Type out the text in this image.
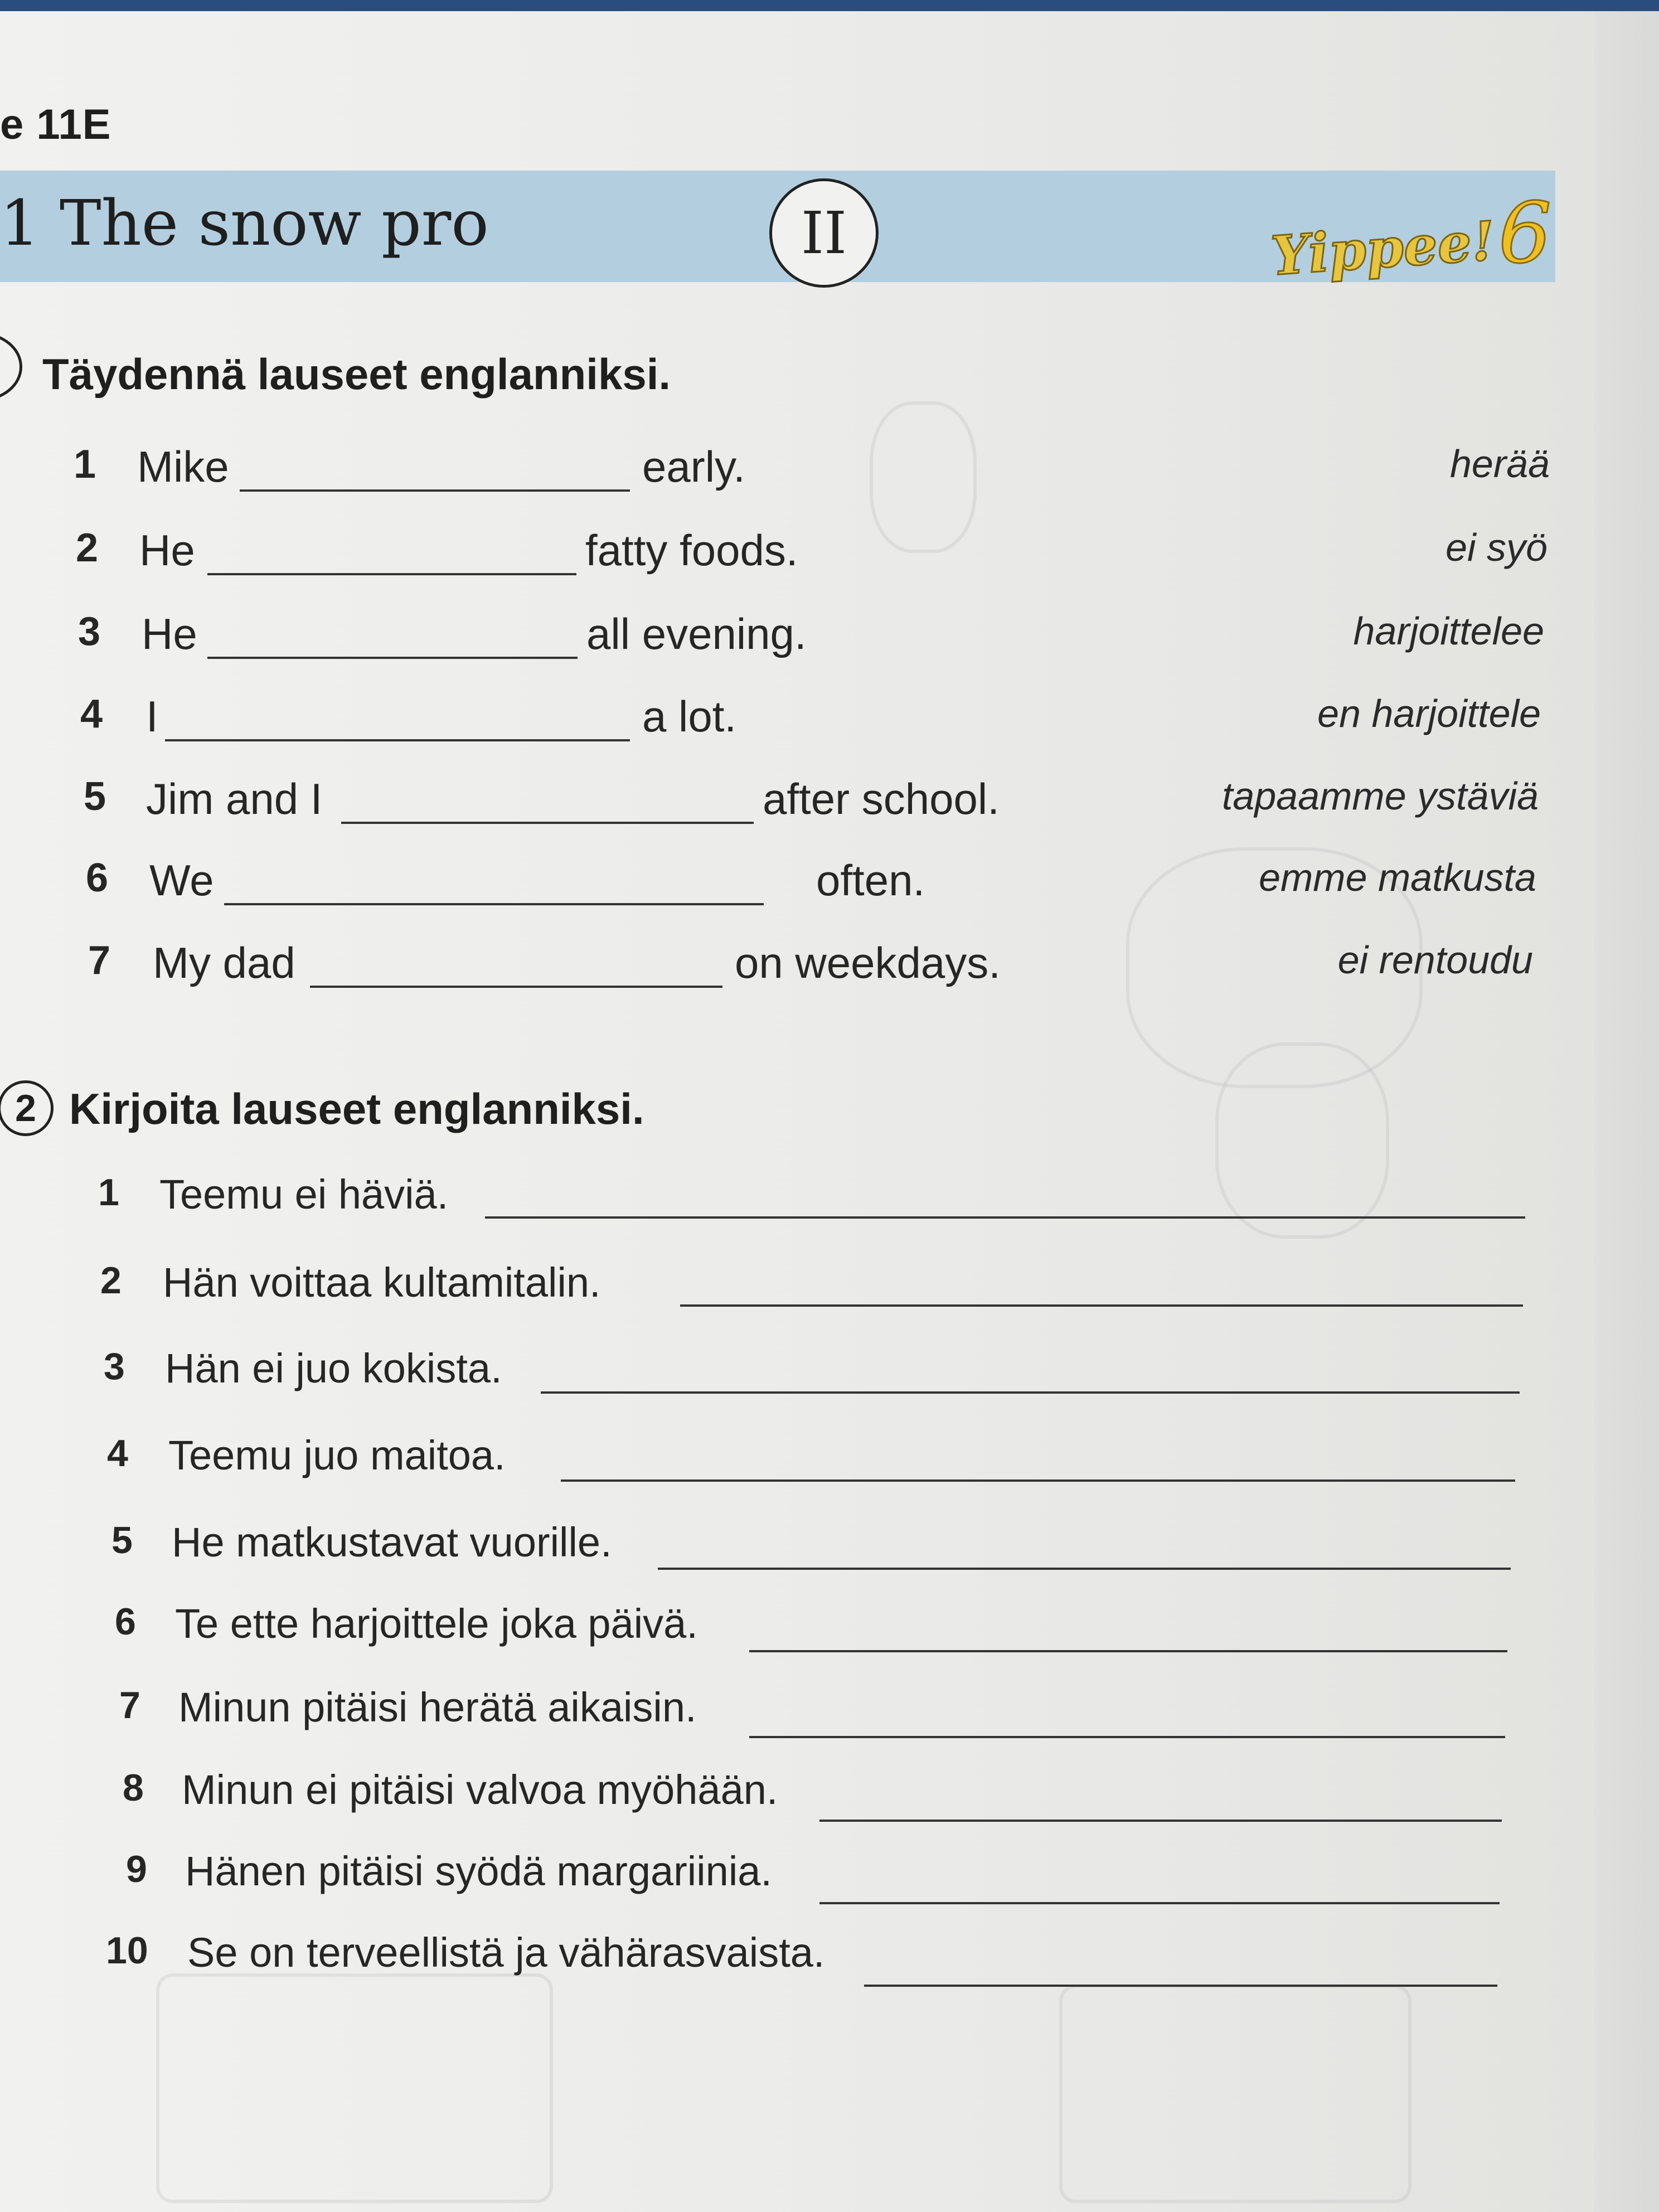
e 11E
1 The snow pro	II	Yippee! 6
Täydennä lauseet englanniksi.
1 Mike	early.	herää
2 He	fatty foods.	ei syö
3 He	all evening.	harjoittelee
4 I	a lot.	en harjoittele
5 Jim and I	after school.	tapaamme ystäviä
6 We	often.	emme matkusta
7 My dad	on weekdays.	ei rentoudu
2 Kirjoita lauseet englanniksi.
1 Teemu ei häviä.
2 Hän voittaa kultamitalin.
3 Hän ei juo kokista.
4 Teemu juo maitoa.
5 He matkustavat vuorille.
6 Te ette harjoittele joka päivä.
7 Minun pitäisi herätä aikaisin.
8 Minun ei pitäisi valvoa myöhään.
9 Hänen pitäisi syödä margariinia.
10 Se on terveellistä ja vähärasvaista.
